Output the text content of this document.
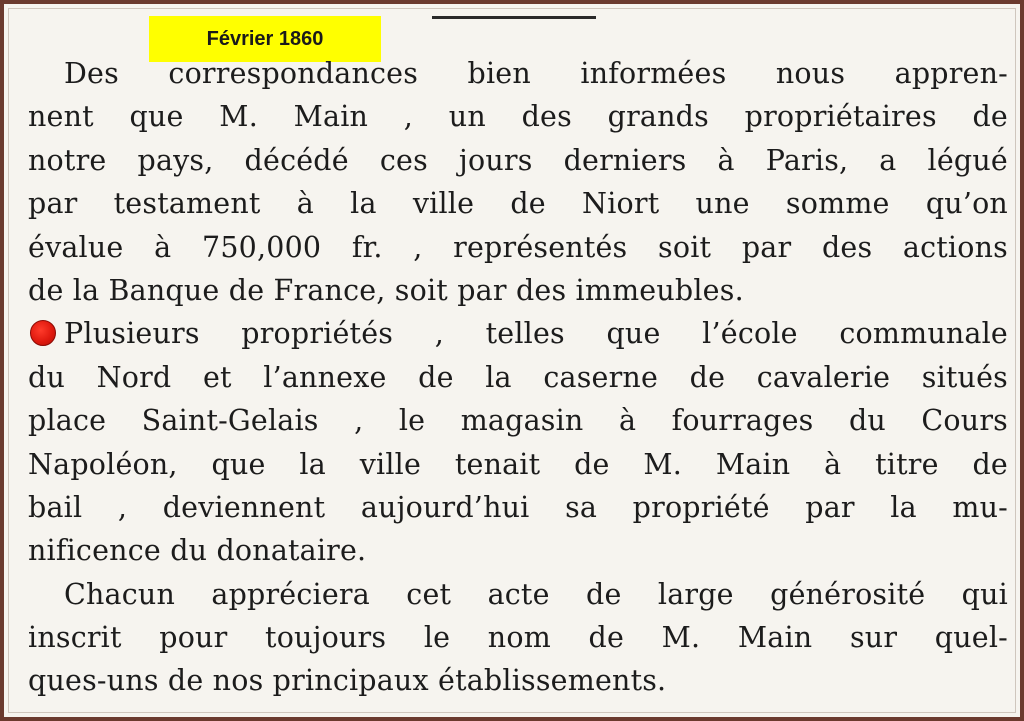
Février 1860
Des correspondances bien informées nous appren-
nent que M. Main , un des grands propriétaires de
notre pays, décédé ces jours derniers à Paris, a légué
par testament à la ville de Niort une somme qu’on
évalue à 750,000 fr. , représentés soit par des actions
de la Banque de France, soit par des immeubles.
Plusieurs propriétés , telles que l’école communale
du Nord et l’annexe de la caserne de cavalerie situés
place Saint-Gelais , le magasin à fourrages du Cours
Napoléon, que la ville tenait de M. Main à titre de
bail , deviennent aujourd’hui sa propriété par la mu-
nificence du donataire.
Chacun appréciera cet acte de large générosité qui
inscrit pour toujours le nom de M. Main sur quel-
ques-uns de nos principaux établissements.
